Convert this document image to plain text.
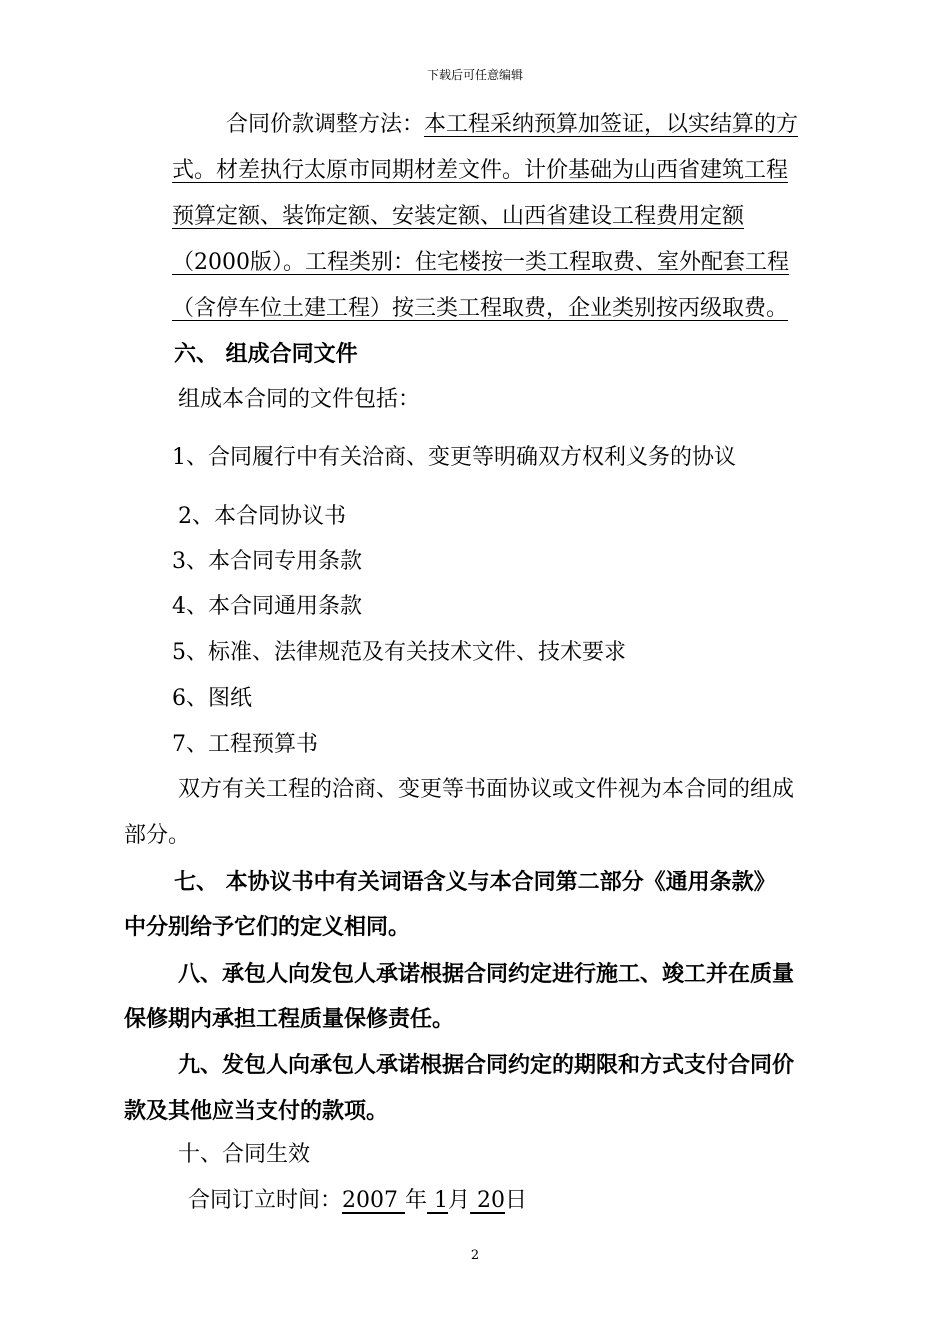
下载后可任意编辑
合同价款调整方法：本工程采纳预算加签证，以实结算的方
式。材差执行太原市同期材差文件。计价基础为山西省建筑工程
预算定额、装饰定额、安装定额、山西省建设工程费用定额
（2000版）。工程类别：住宅楼按一类工程取费、室外配套工程
（含停车位土建工程）按三类工程取费，企业类别按丙级取费。
六、 组成合同文件
组成本合同的文件包括：
1、合同履行中有关洽商、变更等明确双方权利义务的协议
2、本合同协议书
3、本合同专用条款
4、本合同通用条款
5、标准、法律规范及有关技术文件、技术要求
6、图纸
7、工程预算书
双方有关工程的洽商、变更等书面协议或文件视为本合同的组成
部分。
七、 本协议书中有关词语含义与本合同第二部分《通用条款》
中分别给予它们的定义相同。
八、承包人向发包人承诺根据合同约定进行施工、竣工并在质量
保修期内承担工程质量保修责任。
九、发包人向承包人承诺根据合同约定的期限和方式支付合同价
款及其他应当支付的款项。
十、合同生效
合同订立时间：2007 年 1月 20日
2
